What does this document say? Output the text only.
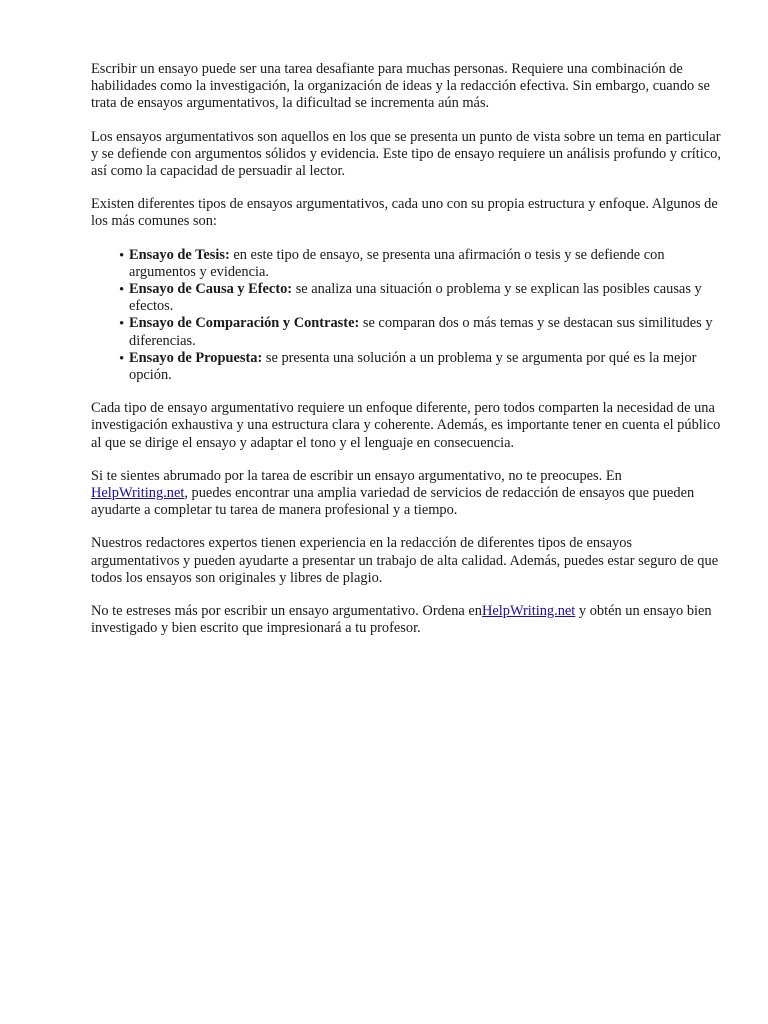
Escribir un ensayo puede ser una tarea desafiante para muchas personas. Requiere una combinación de habilidades como la investigación, la organización de ideas y la redacción efectiva. Sin embargo, cuando se trata de ensayos argumentativos, la dificultad se incrementa aún más.

Los ensayos argumentativos son aquellos en los que se presenta un punto de vista sobre un tema en particular y se defiende con argumentos sólidos y evidencia. Este tipo de ensayo requiere un análisis profundo y crítico, así como la capacidad de persuadir al lector.

Existen diferentes tipos de ensayos argumentativos, cada uno con su propia estructura y enfoque. Algunos de los más comunes son:

• Ensayo de Tesis: en este tipo de ensayo, se presenta una afirmación o tesis y se defiende con argumentos y evidencia.
• Ensayo de Causa y Efecto: se analiza una situación o problema y se explican las posibles causas y efectos.
• Ensayo de Comparación y Contraste: se comparan dos o más temas y se destacan sus similitudes y diferencias.
• Ensayo de Propuesta: se presenta una solución a un problema y se argumenta por qué es la mejor opción.

Cada tipo de ensayo argumentativo requiere un enfoque diferente, pero todos comparten la necesidad de una investigación exhaustiva y una estructura clara y coherente. Además, es importante tener en cuenta el público al que se dirige el ensayo y adaptar el tono y el lenguaje en consecuencia.

Si te sientes abrumado por la tarea de escribir un ensayo argumentativo, no te preocupes. En HelpWriting.net, puedes encontrar una amplia variedad de servicios de redacción de ensayos que pueden ayudarte a completar tu tarea de manera profesional y a tiempo.

Nuestros redactores expertos tienen experiencia en la redacción de diferentes tipos de ensayos argumentativos y pueden ayudarte a presentar un trabajo de alta calidad. Además, puedes estar seguro de que todos los ensayos son originales y libres de plagio.

No te estreses más por escribir un ensayo argumentativo. Ordena enHelpWriting.net y obtén un ensayo bien investigado y bien escrito que impresionará a tu profesor.
